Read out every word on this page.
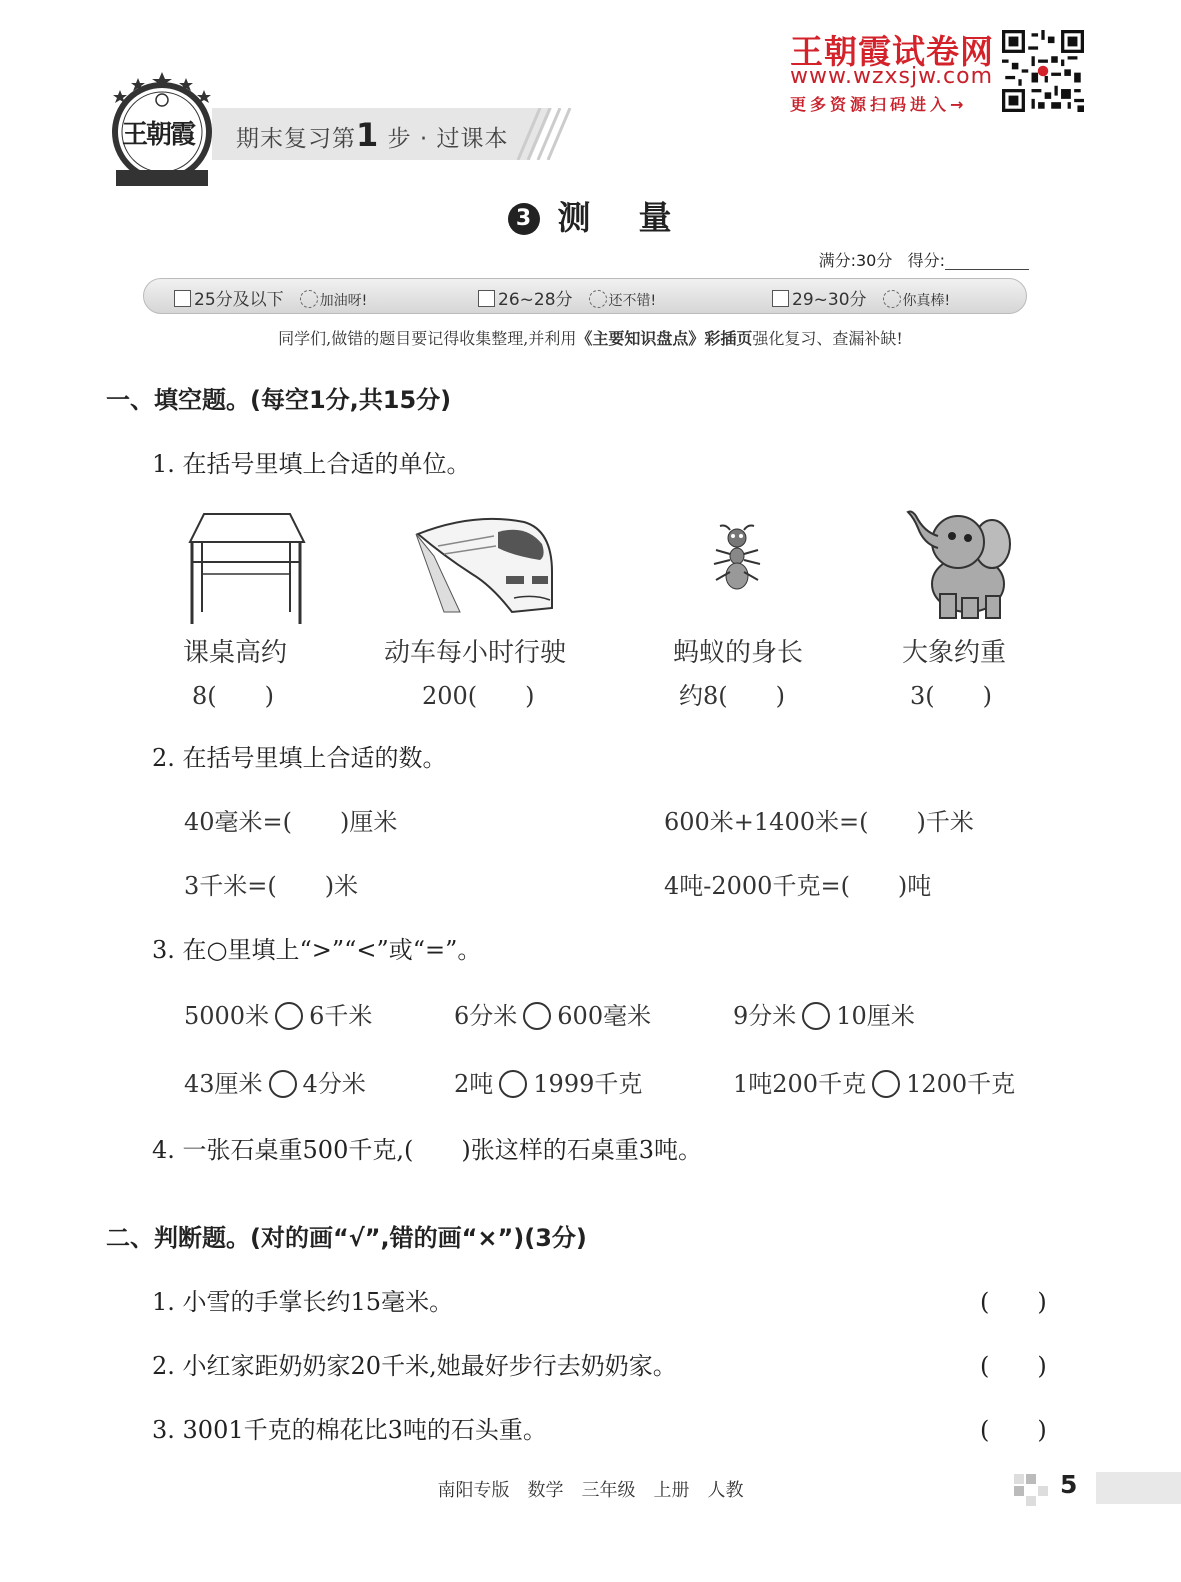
王朝霞 期末复习第1 步 · 过课本
王朝霞试卷网
www.wzxsjw.com
更多资源扫码进入→
3 测 量
满分:30分 得分:
25分及以下	加油呀!	26~28分	还不错!	29~30分	你真棒!
同学们,做错的题目要记得收集整理,并利用《主要知识盘点》彩插页强化复习、查漏补缺!
一、填空题。(每空1分,共15分)
1. 在括号里填上合适的单位。
课桌高约
8(　　)
动车每小时行驶
200(　　)
蚂蚁的身长
约8(　　)
大象约重
3(　　)
2. 在括号里填上合适的数。
40毫米=(　　)厘米	600米+1400米=(　　)千米
3千米=(　　)米	4吨-2000千克=(　　)吨
3. 在○里填上“>”“<”或“=”。
5000米 6千米	6分米 600毫米	9分米 10厘米
43厘米 4分米	2吨 1999千克	1吨200千克 1200千克
4. 一张石桌重500千克,(　　)张这样的石桌重3吨。
二、判断题。(对的画“√”,错的画“×”)(3分)
1. 小雪的手掌长约15毫米。	(　　)
2. 小红家距奶奶家20千米,她最好步行去奶奶家。	(　　)
3. 3001千克的棉花比3吨的石头重。	(　　)
南阳专版　数学　三年级　上册　人教	5
